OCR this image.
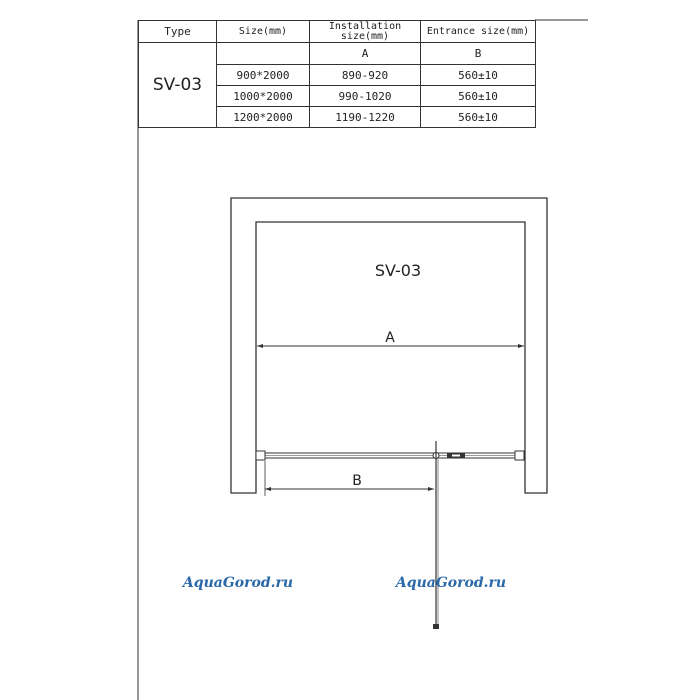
Type	Size(mm)	Installation size(mm)	Entrance size(mm)
SV-03		A	B
	900*2000	890-920	560±10
	1000*2000	990-1020	560±10
	1200*2000	1190-1220	560±10
SV-03
A
B
AquaGorod.ru	AquaGorod.ru
